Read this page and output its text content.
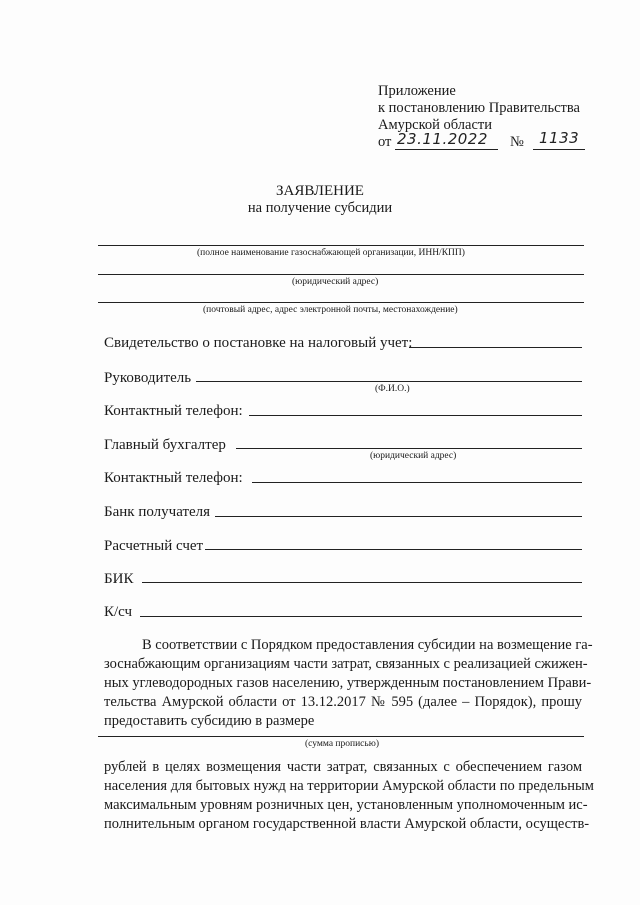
Приложение
к постановлению Правительства
Амурской области
от 23.11.2022 № 1133
ЗАЯВЛЕНИЕ
на получение субсидии
(полное наименование газоснабжающей организации, ИНН/КПП)
(юридический адрес)
(почтовый адрес, адрес электронной почты, местонахождение)
Свидетельство о постановке на налоговый учет:
Руководитель
(Ф.И.О.)
Контактный телефон:
Главный бухгалтер
(юридический адрес)
Контактный телефон:
Банк получателя
Расчетный счет
БИК
К/сч
В соответствии с Порядком предоставления субсидии на возмещение га-
зоснабжающим организациям части затрат, связанных с реализацией сжижен-
ных углеводородных газов населению, утвержденным постановлением Прави-
тельства Амурской области от 13.12.2017 № 595 (далее – Порядок), прошу
предоставить субсидию в размере
(сумма прописью)
рублей в целях возмещения части затрат, связанных с обеспечением газом
населения для бытовых нужд на территории Амурской области по предельным
максимальным уровням розничных цен, установленным уполномоченным ис-
полнительным органом государственной власти Амурской области, осуществ-
